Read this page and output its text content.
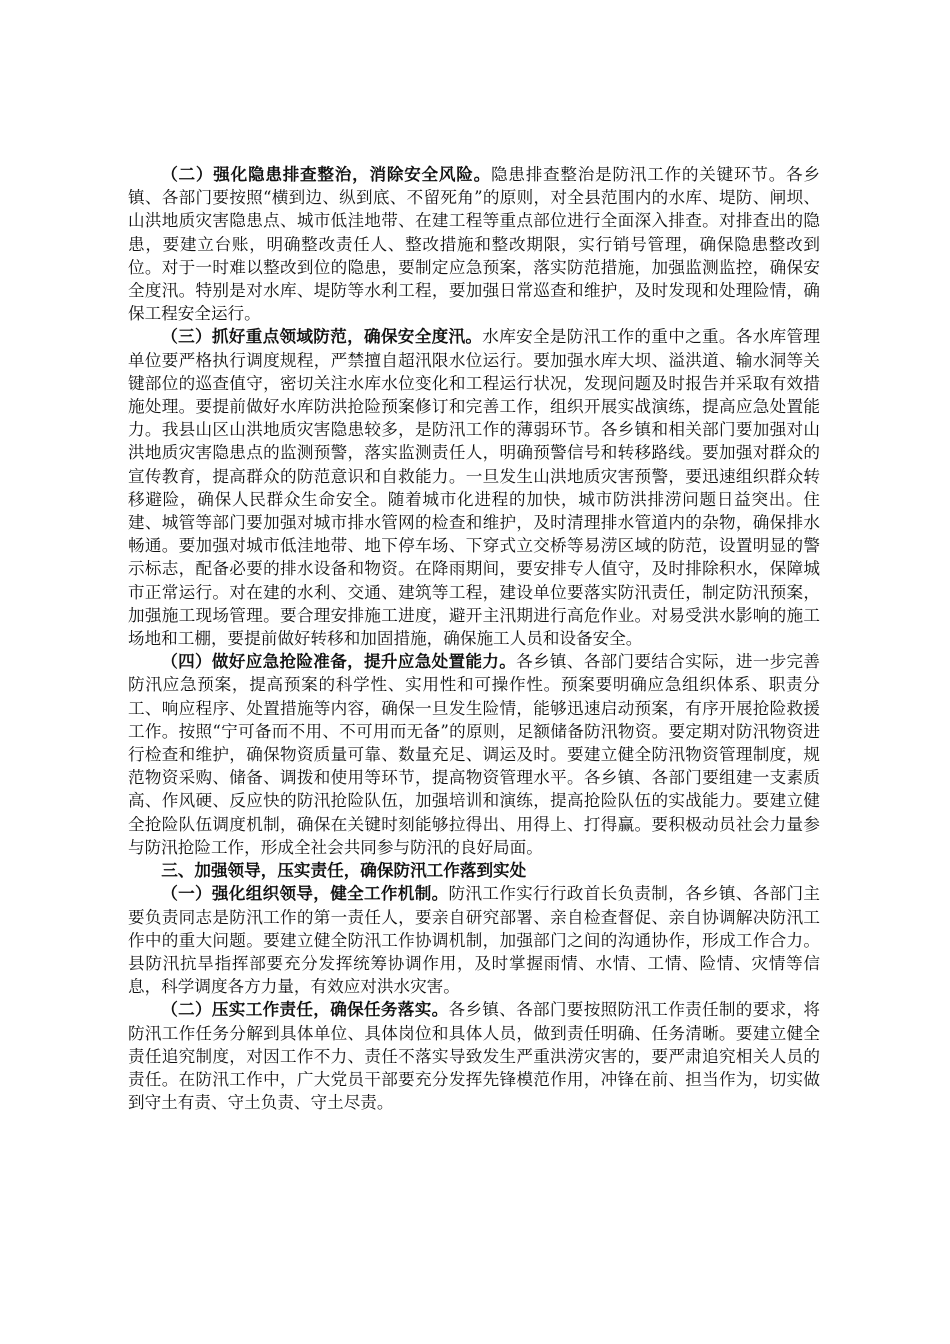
（二）强化隐患排查整治，消除安全风险。隐患排查整治是防汛工作的关键环节。各乡镇、各部门要按照“横到边、纵到底、不留死角”的原则，对全县范围内的水库、堤防、闸坝、山洪地质灾害隐患点、城市低洼地带、在建工程等重点部位进行全面深入排查。对排查出的隐患，要建立台账，明确整改责任人、整改措施和整改期限，实行销号管理，确保隐患整改到位。对于一时难以整改到位的隐患，要制定应急预案，落实防范措施，加强监测监控，确保安全度汛。特别是对水库、堤防等水利工程，要加强日常巡查和维护，及时发现和处理险情，确保工程安全运行。

（三）抓好重点领域防范，确保安全度汛。水库安全是防汛工作的重中之重。各水库管理单位要严格执行调度规程，严禁擅自超汛限水位运行。要加强水库大坝、溢洪道、输水洞等关键部位的巡查值守，密切关注水库水位变化和工程运行状况，发现问题及时报告并采取有效措施处理。要提前做好水库防洪抢险预案修订和完善工作，组织开展实战演练，提高应急处置能力。我县山区山洪地质灾害隐患较多，是防汛工作的薄弱环节。各乡镇和相关部门要加强对山洪地质灾害隐患点的监测预警，落实监测责任人，明确预警信号和转移路线。要加强对群众的宣传教育，提高群众的防范意识和自救能力。一旦发生山洪地质灾害预警，要迅速组织群众转移避险，确保人民群众生命安全。随着城市化进程的加快，城市防洪排涝问题日益突出。住建、城管等部门要加强对城市排水管网的检查和维护，及时清理排水管道内的杂物，确保排水畅通。要加强对城市低洼地带、地下停车场、下穿式立交桥等易涝区域的防范，设置明显的警示标志，配备必要的排水设备和物资。在降雨期间，要安排专人值守，及时排除积水，保障城市正常运行。对在建的水利、交通、建筑等工程，建设单位要落实防汛责任，制定防汛预案，加强施工现场管理。要合理安排施工进度，避开主汛期进行高危作业。对易受洪水影响的施工场地和工棚，要提前做好转移和加固措施，确保施工人员和设备安全。

（四）做好应急抢险准备，提升应急处置能力。各乡镇、各部门要结合实际，进一步完善防汛应急预案，提高预案的科学性、实用性和可操作性。预案要明确应急组织体系、职责分工、响应程序、处置措施等内容，确保一旦发生险情，能够迅速启动预案，有序开展抢险救援工作。按照“宁可备而不用、不可用而无备”的原则，足额储备防汛物资。要定期对防汛物资进行检查和维护，确保物资质量可靠、数量充足、调运及时。要建立健全防汛物资管理制度，规范物资采购、储备、调拨和使用等环节，提高物资管理水平。各乡镇、各部门要组建一支素质高、作风硬、反应快的防汛抢险队伍，加强培训和演练，提高抢险队伍的实战能力。要建立健全抢险队伍调度机制，确保在关键时刻能够拉得出、用得上、打得赢。要积极动员社会力量参与防汛抢险工作，形成全社会共同参与防汛的良好局面。

三、加强领导，压实责任，确保防汛工作落到实处

（一）强化组织领导，健全工作机制。防汛工作实行行政首长负责制，各乡镇、各部门主要负责同志是防汛工作的第一责任人，要亲自研究部署、亲自检查督促、亲自协调解决防汛工作中的重大问题。要建立健全防汛工作协调机制，加强部门之间的沟通协作，形成工作合力。县防汛抗旱指挥部要充分发挥统筹协调作用，及时掌握雨情、水情、工情、险情、灾情等信息，科学调度各方力量，有效应对洪水灾害。

（二）压实工作责任，确保任务落实。各乡镇、各部门要按照防汛工作责任制的要求，将防汛工作任务分解到具体单位、具体岗位和具体人员，做到责任明确、任务清晰。要建立健全责任追究制度，对因工作不力、责任不落实导致发生严重洪涝灾害的，要严肃追究相关人员的责任。在防汛工作中，广大党员干部要充分发挥先锋模范作用，冲锋在前、担当作为，切实做到守土有责、守土负责、守土尽责。
